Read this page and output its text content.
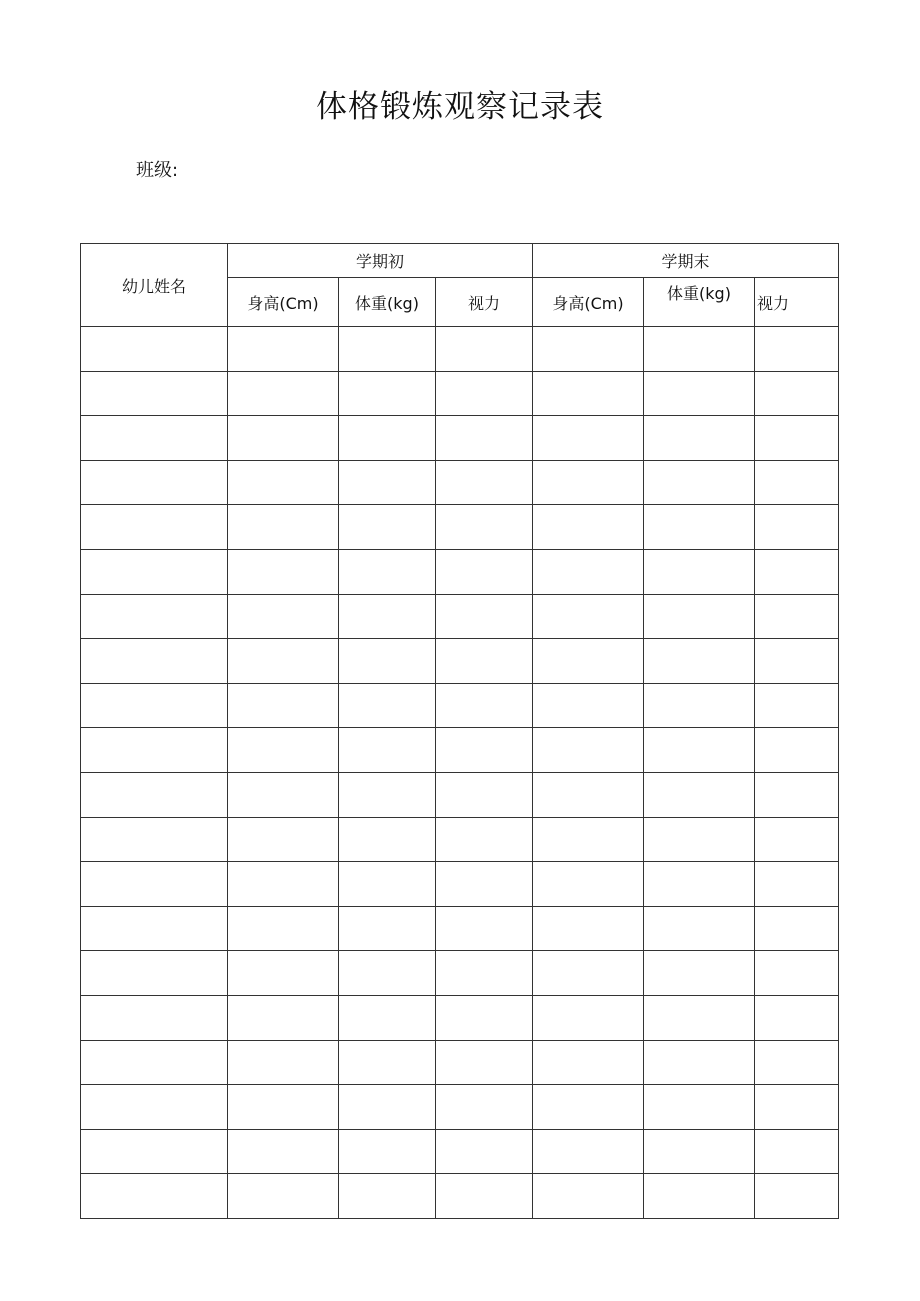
体格锻炼观察记录表
班级:
幼儿姓名	学期初			学期末		
	身高(Cm)	体重(kg)	视力	身高(Cm)	体重(kg)	视力
